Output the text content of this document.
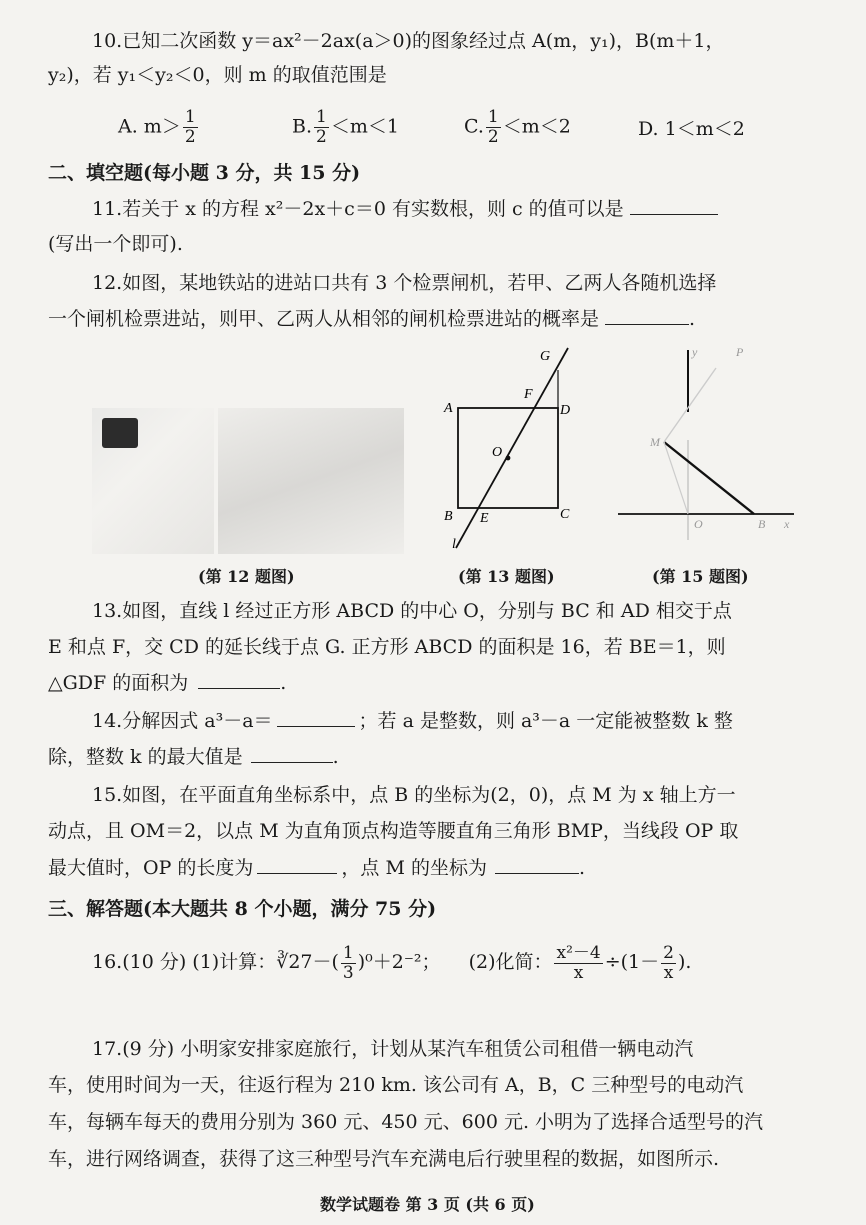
10.已知二次函数 y＝ax²－2ax(a＞0)的图象经过点 A(m，y₁)，B(m＋1，
y₂)，若 y₁＜y₂＜0，则 m 的取值范围是
A. $m> \frac{1}{2}$	B. $\frac{1}{2} <m<1$	C. $\frac{1}{2} <m<2$	D. 1＜m＜2
二、填空题(每小题 3 分，共 15 分)
11.若关于 x 的方程 x²－2x＋c＝0 有实数根，则 c 的值可以是
(写出一个即可).
12.如图，某地铁站的进站口共有 3 个检票闸机，若甲、乙两人各随机选择
一个闸机检票进站，则甲、乙两人从相邻的闸机检票进站的概率是	.
A
B	C
D
E
F
G
O
l
y	P
M
O	B x
(第 12 题图)	(第 13 题图)	(第 15 题图)
13.如图，直线 l 经过正方形 ABCD 的中心 O，分别与 BC 和 AD 相交于点
E 和点 F，交 CD 的延长线于点 G. 正方形 ABCD 的面积是 16，若 BE＝1，则
△GDF 的面积为	.
14.分解因式 a³－a＝	；若 a 是整数，则 a³－a 一定能被整数 k 整
除，整数 k 的最大值是	.
15.如图，在平面直角坐标系中，点 B 的坐标为(2，0)，点 M 为 x 轴上方一
动点，且 OM＝2，以点 M 为直角顶点构造等腰直角三角形 BMP，当线段 OP 取
最大值时，OP 的长度为	，点 M 的坐标为	.
三、解答题(本大题共 8 个小题，满分 75 分)
16.(10 分) (1)计算：∛27－( $\frac{1}{3} )^0+2^{-2}$； (2)化简： $\frac{\text{x²－4}}{x} \div(1- \frac{2}{x}$ ).
17.(9 分) 小明家安排家庭旅行，计划从某汽车租赁公司租借一辆电动汽
车，使用时间为一天，往返行程为 210 km. 该公司有 A，B，C 三种型号的电动汽
车，每辆车每天的费用分别为 360 元、450 元、600 元. 小明为了选择合适型号的汽
车，进行网络调查，获得了这三种型号汽车充满电后行驶里程的数据，如图所示.
数学试题卷 第 3 页 (共 6 页)
